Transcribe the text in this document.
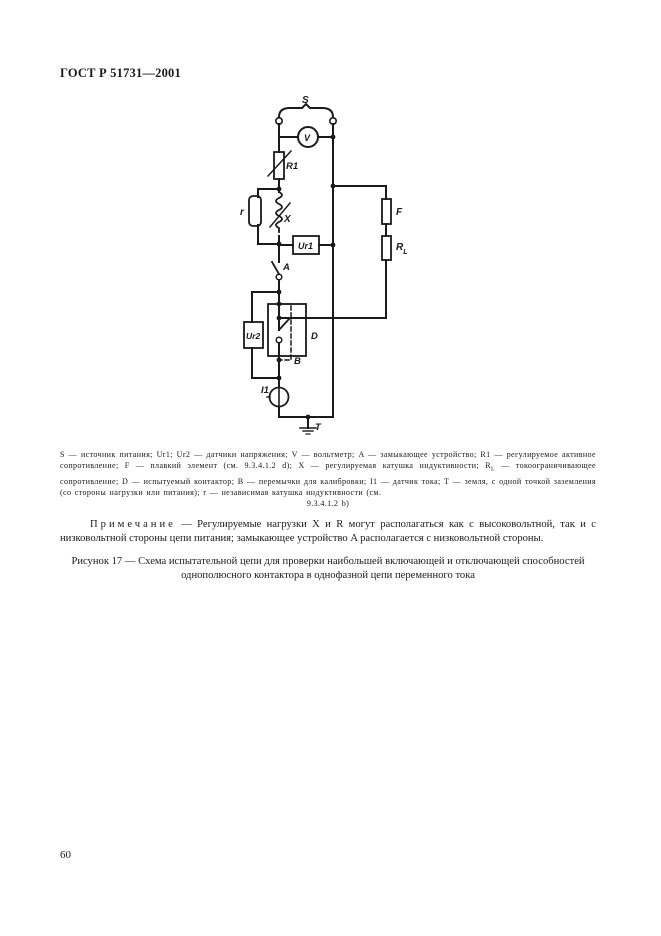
ГОСТ Р 51731—2001
S
V
R1
r
X
F
$R_L$
Ur1
A
Ur2	D
B
I1
T
S — источник питания; Ur1; Ur2 — датчики напряжения; V — вольтметр; A — замыкающее устройство; R1 — регулируемое активное сопротивление; F — плавкий элемент (см. 9.3.4.1.2 d); X — регулируемая катушка индуктивности; $R_L$ — токоограничивающее сопротивление; D — испытуемый контактор; B — перемычки для калибровки; I1 — датчик тока; T — земля, с одной точкой заземления (со стороны нагрузки или питания); r — независимая катушка индуктивности (см.
9.3.4.1.2 b)
Примечание — Регулируемые нагрузки X и R могут располагаться как с высоковольтной, так и с низковольтной стороны цепи питания; замыкающее устройство A располагается с низковольтной стороны.
Рисунок 17 — Схема испытательной цепи для проверки наибольшей включающей и отключающей способностей однополюсного контактора в однофазной цепи переменного тока
60
